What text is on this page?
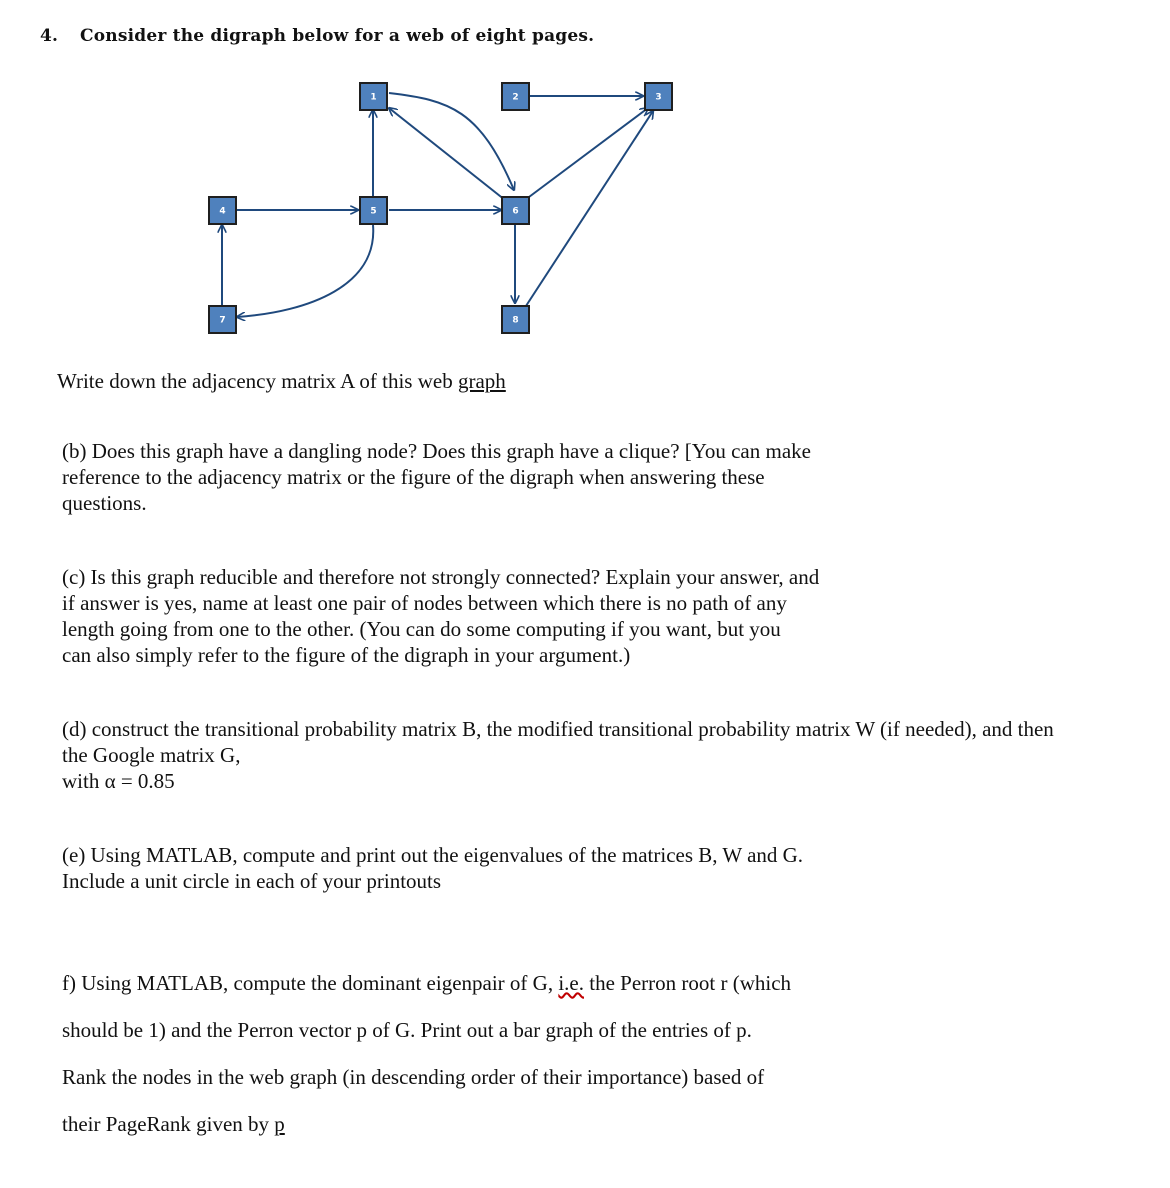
4. Consider the digraph below for a web of eight pages.
1	2	3
4	5	6
7	8

Write down the adjacency matrix A of this web graph

(b) Does this graph have a dangling node? Does this graph have a clique? [You can make
reference to the adjacency matrix or the figure of the digraph when answering these
questions.

(c) Is this graph reducible and therefore not strongly connected? Explain your answer, and
if answer is yes, name at least one pair of nodes between which there is no path of any
length going from one to the other. (You can do some computing if you want, but you
can also simply refer to the figure of the digraph in your argument.)

(d) construct the transitional probability matrix B, the modified transitional probability matrix W (if needed), and then
the Google matrix G,
with α = 0.85

(e) Using MATLAB, compute and print out the eigenvalues of the matrices B, W and G.
Include a unit circle in each of your printouts

f) Using MATLAB, compute the dominant eigenpair of G, i.e. the Perron root r (which
should be 1) and the Perron vector p of G. Print out a bar graph of the entries of p.
Rank the nodes in the web graph (in descending order of their importance) based of
their PageRank given by p
